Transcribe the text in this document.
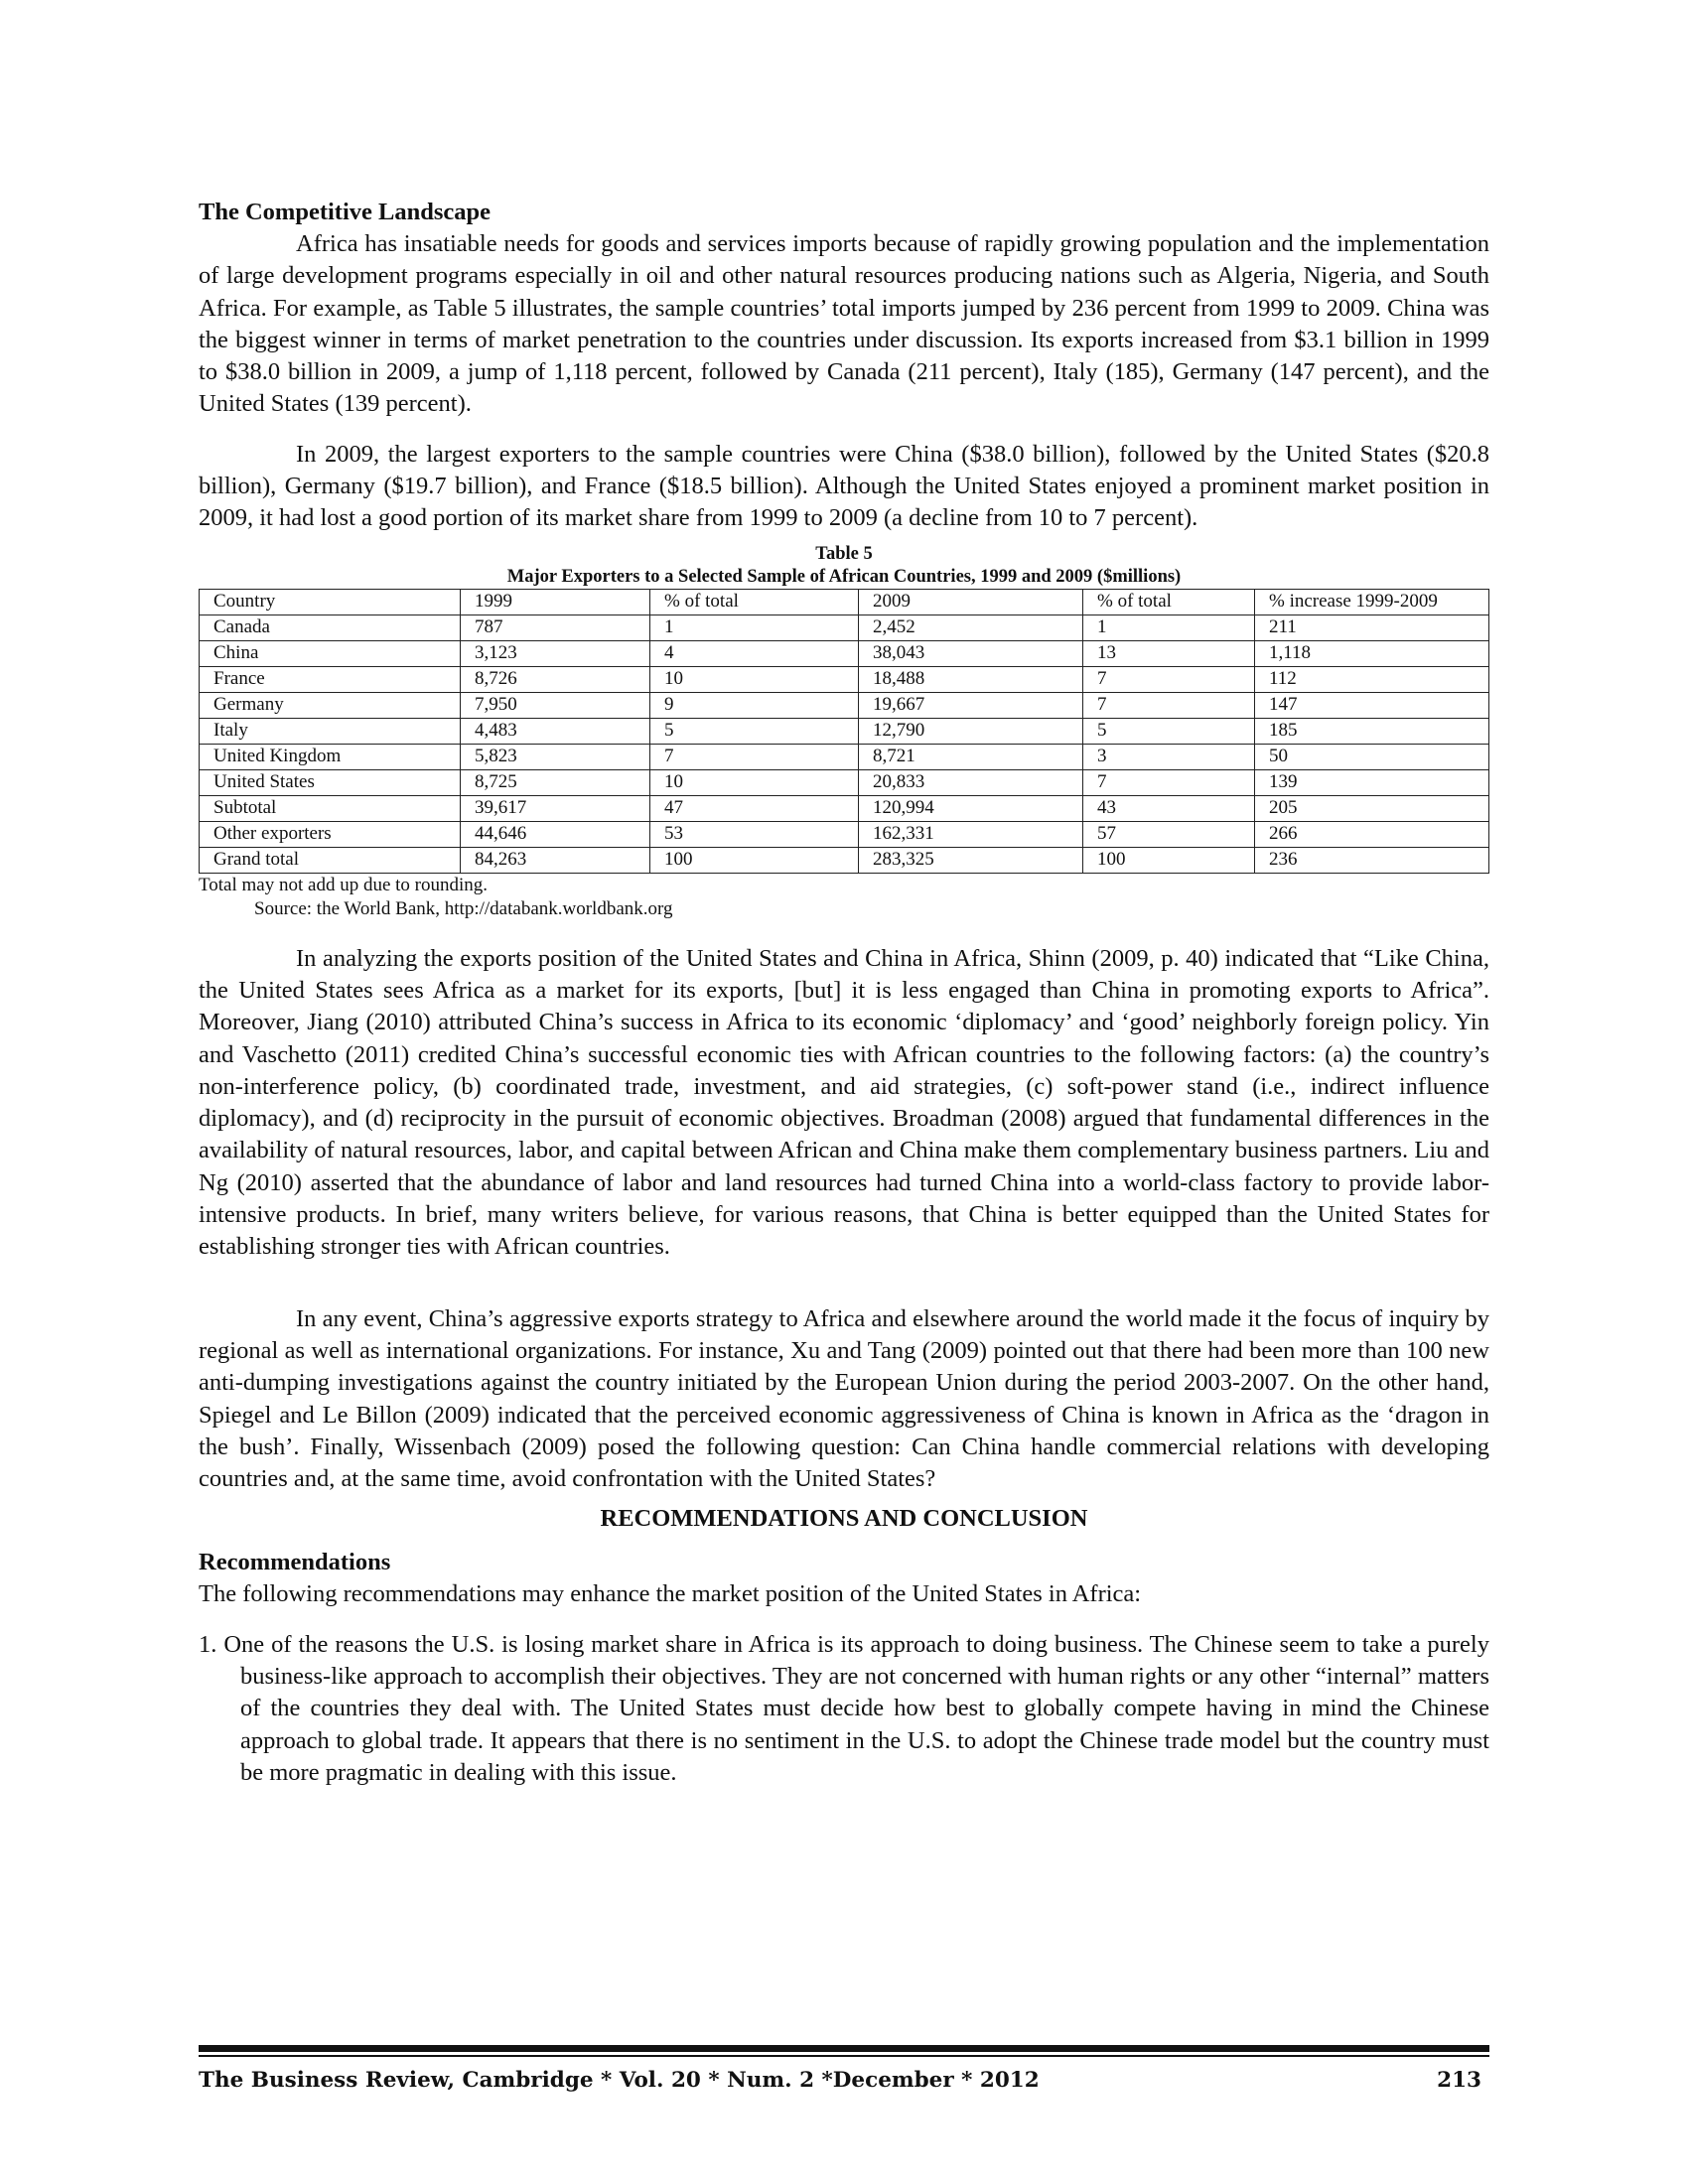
The Competitive Landscape

Africa has insatiable needs for goods and services imports because of rapidly growing population and the implementation of large development programs especially in oil and other natural resources producing nations such as Algeria, Nigeria, and South Africa. For example, as Table 5 illustrates, the sample countries’ total imports jumped by 236 percent from 1999 to 2009. China was the biggest winner in terms of market penetration to the countries under discussion. Its exports increased from $3.1 billion in 1999 to $38.0 billion in 2009, a jump of 1,118 percent, followed by Canada (211 percent), Italy (185), Germany (147 percent), and the United States (139 percent).

In 2009, the largest exporters to the sample countries were China ($38.0 billion), followed by the United States ($20.8 billion), Germany ($19.7 billion), and France ($18.5 billion). Although the United States enjoyed a prominent market position in 2009, it had lost a good portion of its market share from 1999 to 2009 (a decline from 10 to 7 percent).

Table 5

Major Exporters to a Selected Sample of African Countries, 1999 and 2009 ($millions)

Country	1999	% of total	2009	% of total	% increase 1999-2009
Canada	787	1	2,452	1	211
China	3,123	4	38,043	13	1,118
France	8,726	10	18,488	7	112
Germany	7,950	9	19,667	7	147
Italy	4,483	5	12,790	5	185
United Kingdom	5,823	7	8,721	3	50
United States	8,725	10	20,833	7	139
Subtotal	39,617	47	120,994	43	205
Other exporters	44,646	53	162,331	57	266
Grand total	84,263	100	283,325	100	236

Total may not add up due to rounding.

Source: the World Bank, http://databank.worldbank.org

In analyzing the exports position of the United States and China in Africa, Shinn (2009, p. 40) indicated that “Like China, the United States sees Africa as a market for its exports, [but] it is less engaged than China in promoting exports to Africa”. Moreover, Jiang (2010) attributed China’s success in Africa to its economic ‘diplomacy’ and ‘good’ neighborly foreign policy. Yin and Vaschetto (2011) credited China’s successful economic ties with African countries to the following factors: (a) the country’s non-interference policy, (b) coordinated trade, investment, and aid strategies, (c) soft-power stand (i.e., indirect influence diplomacy), and (d) reciprocity in the pursuit of economic objectives. Broadman (2008) argued that fundamental differences in the availability of natural resources, labor, and capital between African and China make them complementary business partners. Liu and Ng (2010) asserted that the abundance of labor and land resources had turned China into a world-class factory to provide labor-intensive products. In brief, many writers believe, for various reasons, that China is better equipped than the United States for establishing stronger ties with African countries.

In any event, China’s aggressive exports strategy to Africa and elsewhere around the world made it the focus of inquiry by regional as well as international organizations. For instance, Xu and Tang (2009) pointed out that there had been more than 100 new anti-dumping investigations against the country initiated by the European Union during the period 2003-2007. On the other hand, Spiegel and Le Billon (2009) indicated that the perceived economic aggressiveness of China is known in Africa as the ‘dragon in the bush’. Finally, Wissenbach (2009) posed the following question: Can China handle commercial relations with developing countries and, at the same time, avoid confrontation with the United States?

RECOMMENDATIONS AND CONCLUSION

Recommendations

The following recommendations may enhance the market position of the United States in Africa:

1. One of the reasons the U.S. is losing market share in Africa is its approach to doing business. The Chinese seem to take a purely business-like approach to accomplish their objectives. They are not concerned with human rights or any other “internal” matters of the countries they deal with. The United States must decide how best to globally compete having in mind the Chinese approach to global trade. It appears that there is no sentiment in the U.S. to adopt the Chinese trade model but the country must be more pragmatic in dealing with this issue.

The Business Review, Cambridge * Vol. 20 * Num. 2 *December * 2012	213
